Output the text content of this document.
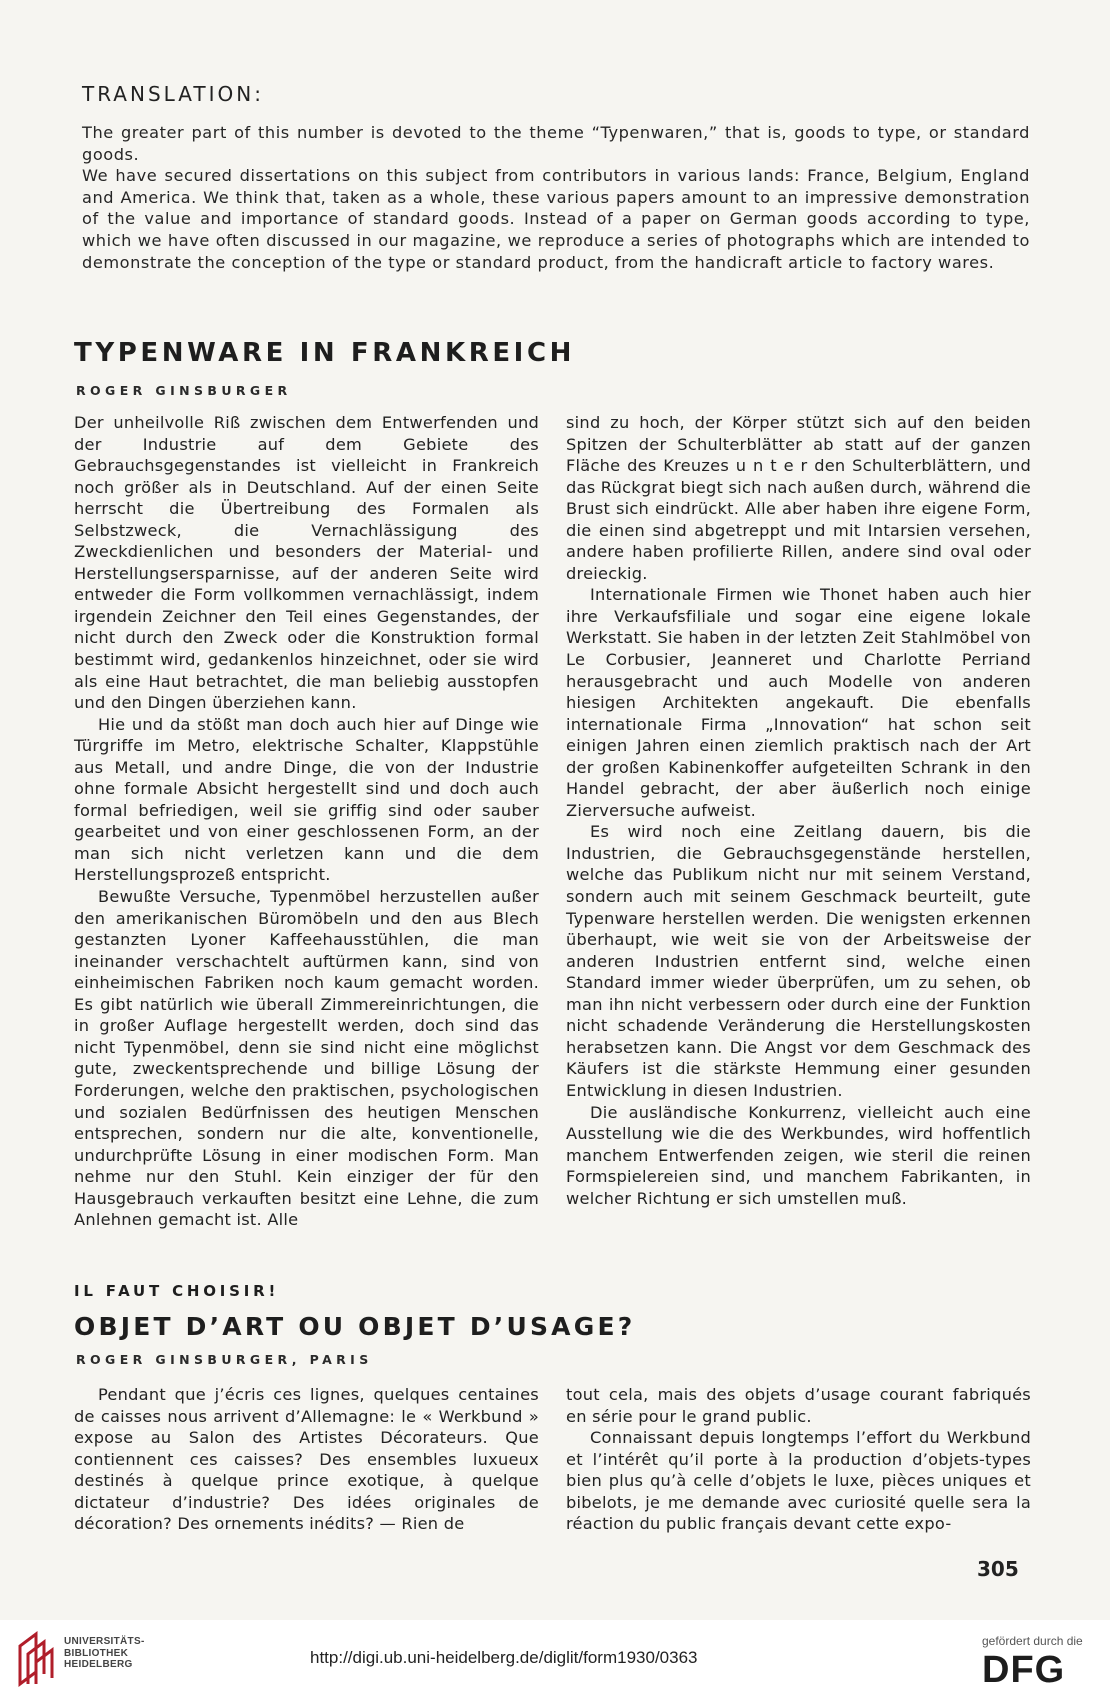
TRANSLATION:

The greater part of this number is devoted to the theme “Typenwaren,” that is, goods to type, or standard goods.

We have secured dissertations on this subject from contributors in various lands: France, Belgium, England and America. We think that, taken as a whole, these various papers amount to an impressive demonstration of the value and importance of standard goods. Instead of a paper on German goods according to type, which we have often discussed in our magazine, we reproduce a series of photographs which are intended to demonstrate the conception of the type or standard product, from the handicraft article to factory wares.

TYPENWARE IN FRANKREICH
ROGER GINSBURGER

Der unheilvolle Riß zwischen dem Entwerfenden und der Industrie auf dem Gebiete des Gebrauchsgegenstandes ist vielleicht in Frankreich noch größer als in Deutschland. Auf der einen Seite herrscht die Übertreibung des Formalen als Selbstzweck, die Vernachlässigung des Zweckdienlichen und besonders der Material- und Herstellungsersparnisse, auf der anderen Seite wird entweder die Form vollkommen vernachlässigt, indem irgendein Zeichner den Teil eines Gegenstandes, der nicht durch den Zweck oder die Konstruktion formal bestimmt wird, gedankenlos hinzeichnet, oder sie wird als eine Haut betrachtet, die man beliebig ausstopfen und den Dingen überziehen kann.

Hie und da stößt man doch auch hier auf Dinge wie Türgriffe im Metro, elektrische Schalter, Klappstühle aus Metall, und andre Dinge, die von der Industrie ohne formale Absicht hergestellt sind und doch auch formal befriedigen, weil sie griffig sind oder sauber gearbeitet und von einer geschlossenen Form, an der man sich nicht verletzen kann und die dem Herstellungsprozeß entspricht.

Bewußte Versuche, Typenmöbel herzustellen außer den amerikanischen Büromöbeln und den aus Blech gestanzten Lyoner Kaffeehausstühlen, die man ineinander verschachtelt auftürmen kann, sind von einheimischen Fabriken noch kaum gemacht worden. Es gibt natürlich wie überall Zimmereinrichtungen, die in großer Auflage hergestellt werden, doch sind das nicht Typenmöbel, denn sie sind nicht eine möglichst gute, zweckentsprechende und billige Lösung der Forderungen, welche den praktischen, psychologischen und sozialen Bedürfnissen des heutigen Menschen entsprechen, sondern nur die alte, konventionelle, undurchprüfte Lösung in einer modischen Form. Man nehme nur den Stuhl. Kein einziger der für den Hausgebrauch verkauften besitzt eine Lehne, die zum Anlehnen gemacht ist. Alle

sind zu hoch, der Körper stützt sich auf den beiden Spitzen der Schulterblätter ab statt auf der ganzen Fläche des Kreuzes u n t e r den Schulterblättern, und das Rückgrat biegt sich nach außen durch, während die Brust sich eindrückt. Alle aber haben ihre eigene Form, die einen sind abgetreppt und mit Intarsien versehen, andere haben profilierte Rillen, andere sind oval oder dreieckig.

Internationale Firmen wie Thonet haben auch hier ihre Verkaufsfiliale und sogar eine eigene lokale Werkstatt. Sie haben in der letzten Zeit Stahlmöbel von Le Corbusier, Jeanneret und Charlotte Perriand herausgebracht und auch Modelle von anderen hiesigen Architekten angekauft. Die ebenfalls internationale Firma „Innovation“ hat schon seit einigen Jahren einen ziemlich praktisch nach der Art der großen Kabinenkoffer aufgeteilten Schrank in den Handel gebracht, der aber äußerlich noch einige Zierversuche aufweist.

Es wird noch eine Zeitlang dauern, bis die Industrien, die Gebrauchsgegenstände herstellen, welche das Publikum nicht nur mit seinem Verstand, sondern auch mit seinem Geschmack beurteilt, gute Typenware herstellen werden. Die wenigsten erkennen überhaupt, wie weit sie von der Arbeitsweise der anderen Industrien entfernt sind, welche einen Standard immer wieder überprüfen, um zu sehen, ob man ihn nicht verbessern oder durch eine der Funktion nicht schadende Veränderung die Herstellungskosten herabsetzen kann. Die Angst vor dem Geschmack des Käufers ist die stärkste Hemmung einer gesunden Entwicklung in diesen Industrien.

Die ausländische Konkurrenz, vielleicht auch eine Ausstellung wie die des Werkbundes, wird hoffentlich manchem Entwerfenden zeigen, wie steril die reinen Formspielereien sind, und manchem Fabrikanten, in welcher Richtung er sich umstellen muß.

IL FAUT CHOISIR!
OBJET D’ART OU OBJET D’USAGE?
ROGER GINSBURGER, PARIS

Pendant que j’écris ces lignes, quelques centaines de caisses nous arrivent d’Allemagne: le « Werkbund » expose au Salon des Artistes Décorateurs. Que contiennent ces caisses? Des ensembles luxueux destinés à quelque prince exotique, à quelque dictateur d’industrie? Des idées originales de décoration? Des ornements inédits? — Rien de

tout cela, mais des objets d’usage courant fabriqués en série pour le grand public.

Connaissant depuis longtemps l’effort du Werkbund et l’intérêt qu’il porte à la production d’objets-types bien plus qu’à celle d’objets le luxe, pièces uniques et bibelots, je me demande avec curiosité quelle sera la réaction du public français devant cette expo-

305
UNIVERSITÄTS-
BIBLIOTHEK
HEIDELBERG	http://digi.ub.uni-heidelberg.de/diglit/form1930/0363
gefördert durch die
DFG
